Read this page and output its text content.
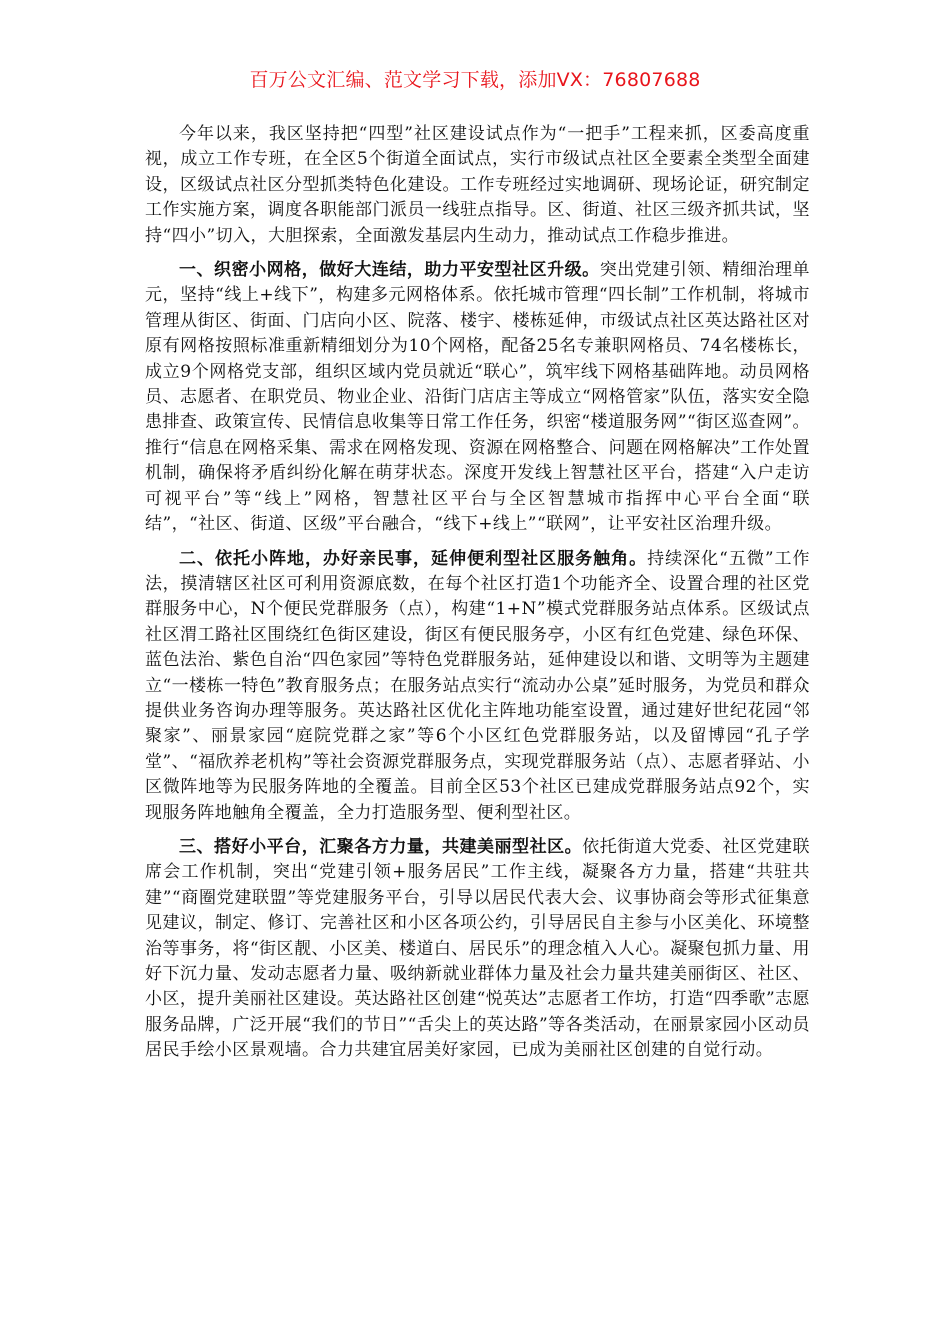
百万公文汇编、范文学习下载，添加VX：76807688

今年以来，我区坚持把“四型”社区建设试点作为“一把手”工程来抓，区委高度重视，成立工作专班，在全区5个街道全面试点，实行市级试点社区全要素全类型全面建设，区级试点社区分型抓类特色化建设。工作专班经过实地调研、现场论证，研究制定工作实施方案，调度各职能部门派员一线驻点指导。区、街道、社区三级齐抓共试，坚持“四小”切入，大胆探索，全面激发基层内生动力，推动试点工作稳步推进。

一、织密小网格，做好大连结，助力平安型社区升级。突出党建引领、精细治理单元，坚持“线上+线下”，构建多元网格体系。依托城市管理“四长制”工作机制，将城市管理从街区、街面、门店向小区、院落、楼宇、楼栋延伸，市级试点社区英达路社区对原有网格按照标准重新精细划分为10个网格，配备25名专兼职网格员、74名楼栋长，成立9个网格党支部，组织区域内党员就近“联心”，筑牢线下网格基础阵地。动员网格员、志愿者、在职党员、物业企业、沿街门店店主等成立“网格管家”队伍，落实安全隐患排查、政策宣传、民情信息收集等日常工作任务，织密“楼道服务网”“街区巡查网”。推行“信息在网格采集、需求在网格发现、资源在网格整合、问题在网格解决”工作处置机制，确保将矛盾纠纷化解在萌芽状态。深度开发线上智慧社区平台，搭建“入户走访可视平台”等“线上”网格，智慧社区平台与全区智慧城市指挥中心平台全面“联结”，“社区、街道、区级”平台融合，“线下+线上”“联网”，让平安社区治理升级。

二、依托小阵地，办好亲民事，延伸便利型社区服务触角。持续深化“五微”工作法，摸清辖区社区可利用资源底数，在每个社区打造1个功能齐全、设置合理的社区党群服务中心，N个便民党群服务（点），构建“1+N”模式党群服务站点体系。区级试点社区渭工路社区围绕红色街区建设，街区有便民服务亭，小区有红色党建、绿色环保、蓝色法治、紫色自治“四色家园”等特色党群服务站，延伸建设以和谐、文明等为主题建立“一楼栋一特色”教育服务点；在服务站点实行“流动办公桌”延时服务，为党员和群众提供业务咨询办理等服务。英达路社区优化主阵地功能室设置，通过建好世纪花园“邻聚家”、丽景家园“庭院党群之家”等6个小区红色党群服务站，以及留博园“孔子学堂”、“福欣养老机构”等社会资源党群服务点，实现党群服务站（点）、志愿者驿站、小区微阵地等为民服务阵地的全覆盖。目前全区53个社区已建成党群服务站点92个，实现服务阵地触角全覆盖，全力打造服务型、便利型社区。

三、搭好小平台，汇聚各方力量，共建美丽型社区。依托街道大党委、社区党建联席会工作机制，突出“党建引领+服务居民”工作主线，凝聚各方力量，搭建“共驻共建”“商圈党建联盟”等党建服务平台，引导以居民代表大会、议事协商会等形式征集意见建议，制定、修订、完善社区和小区各项公约，引导居民自主参与小区美化、环境整治等事务，将“街区靓、小区美、楼道白、居民乐”的理念植入人心。凝聚包抓力量、用好下沉力量、发动志愿者力量、吸纳新就业群体力量及社会力量共建美丽街区、社区、小区，提升美丽社区建设。英达路社区创建“悦英达”志愿者工作坊，打造“四季歌”志愿服务品牌，广泛开展“我们的节日”“舌尖上的英达路”等各类活动，在丽景家园小区动员居民手绘小区景观墙。合力共建宜居美好家园，已成为美丽社区创建的自觉行动。
